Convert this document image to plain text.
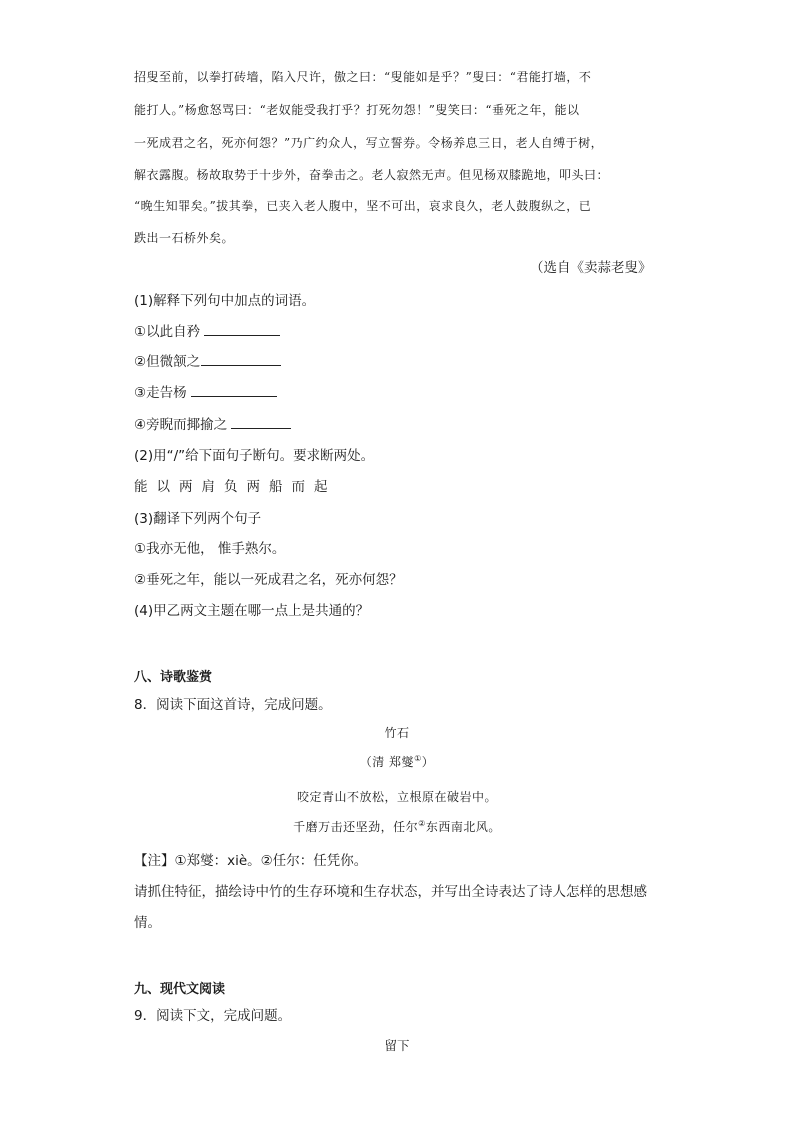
招叟至前，以拳打砖墙，陷入尺许，傲之曰：“叟能如是乎？”叟曰：“君能打墙，不
能打人。”杨愈怒骂曰：“老奴能受我打乎？打死勿怨！”叟笑曰：“垂死之年，能以
一死成君之名，死亦何怨？”乃广约众人，写立誓券。令杨养息三日，老人自缚于树，
解衣露腹。杨故取势于十步外，奋拳击之。老人寂然无声。但见杨双膝跪地，叩头曰：
“晚生知罪矣。”拔其拳，已夹入老人腹中，坚不可出，哀求良久，老人鼓腹纵之，已
跌出一石桥外矣。
（选自《卖蒜老叟》
(1)解释下列句中加点的词语。
①以此自矜
②但微颔之
③走告杨
④旁睨而揶揄之
(2)用“/”给下面句子断句。要求断两处。
能以两肩负两船而起
(3)翻译下列两个句子
①我亦无他， 惟手熟尔。
②垂死之年，能以一死成君之名，死亦何怨？
(4)甲乙两文主题在哪一点上是共通的？
八、诗歌鉴赏
8．阅读下面这首诗，完成问题。
竹石
（清 郑燮①）
咬定青山不放松，立根原在破岩中。
千磨万击还坚劲，任尔②东西南北风。
【注】①郑燮：xiè。②任尔：任凭你。
请抓住特征，描绘诗中竹的生存环境和生存状态，并写出全诗表达了诗人怎样的思想感
情。
九、现代文阅读
9．阅读下文，完成问题。
留下
